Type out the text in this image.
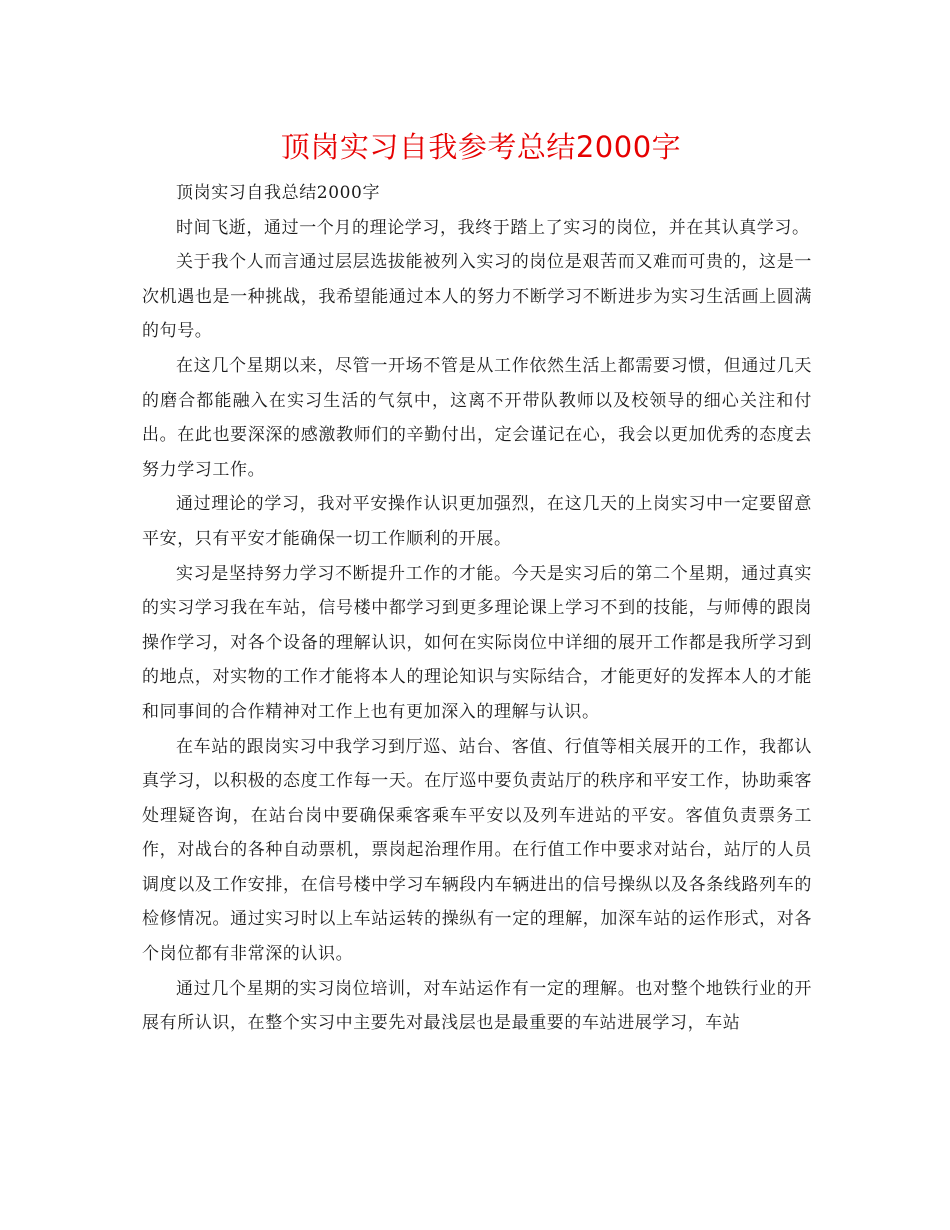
顶岗实习自我参考总结2000字

顶岗实习自我总结2000字

时间飞逝，通过一个月的理论学习，我终于踏上了实习的岗位，并在其认真学习。

关于我个人而言通过层层选拔能被列入实习的岗位是艰苦而又难而可贵的，这是一次机遇也是一种挑战，我希望能通过本人的努力不断学习不断进步为实习生活画上圆满的句号。

在这几个星期以来，尽管一开场不管是从工作依然生活上都需要习惯，但通过几天的磨合都能融入在实习生活的气氛中，这离不开带队教师以及校领导的细心关注和付出。在此也要深深的感激教师们的辛勤付出，定会谨记在心，我会以更加优秀的态度去努力学习工作。

通过理论的学习，我对平安操作认识更加强烈，在这几天的上岗实习中一定要留意平安，只有平安才能确保一切工作顺利的开展。

实习是坚持努力学习不断提升工作的才能。今天是实习后的第二个星期，通过真实的实习学习我在车站，信号楼中都学习到更多理论课上学习不到的技能，与师傅的跟岗操作学习，对各个设备的理解认识，如何在实际岗位中详细的展开工作都是我所学习到的地点，对实物的工作才能将本人的理论知识与实际结合，才能更好的发挥本人的才能和同事间的合作精神对工作上也有更加深入的理解与认识。

在车站的跟岗实习中我学习到厅巡、站台、客值、行值等相关展开的工作，我都认真学习，以积极的态度工作每一天。在厅巡中要负责站厅的秩序和平安工作，协助乘客处理疑咨询，在站台岗中要确保乘客乘车平安以及列车进站的平安。客值负责票务工作，对战台的各种自动票机，票岗起治理作用。在行值工作中要求对站台，站厅的人员调度以及工作安排，在信号楼中学习车辆段内车辆进出的信号操纵以及各条线路列车的检修情况。通过实习时以上车站运转的操纵有一定的理解，加深车站的运作形式，对各个岗位都有非常深的认识。

通过几个星期的实习岗位培训，对车站运作有一定的理解。也对整个地铁行业的开展有所认识，在整个实习中主要先对最浅层也是最重要的车站进展学习，车站
